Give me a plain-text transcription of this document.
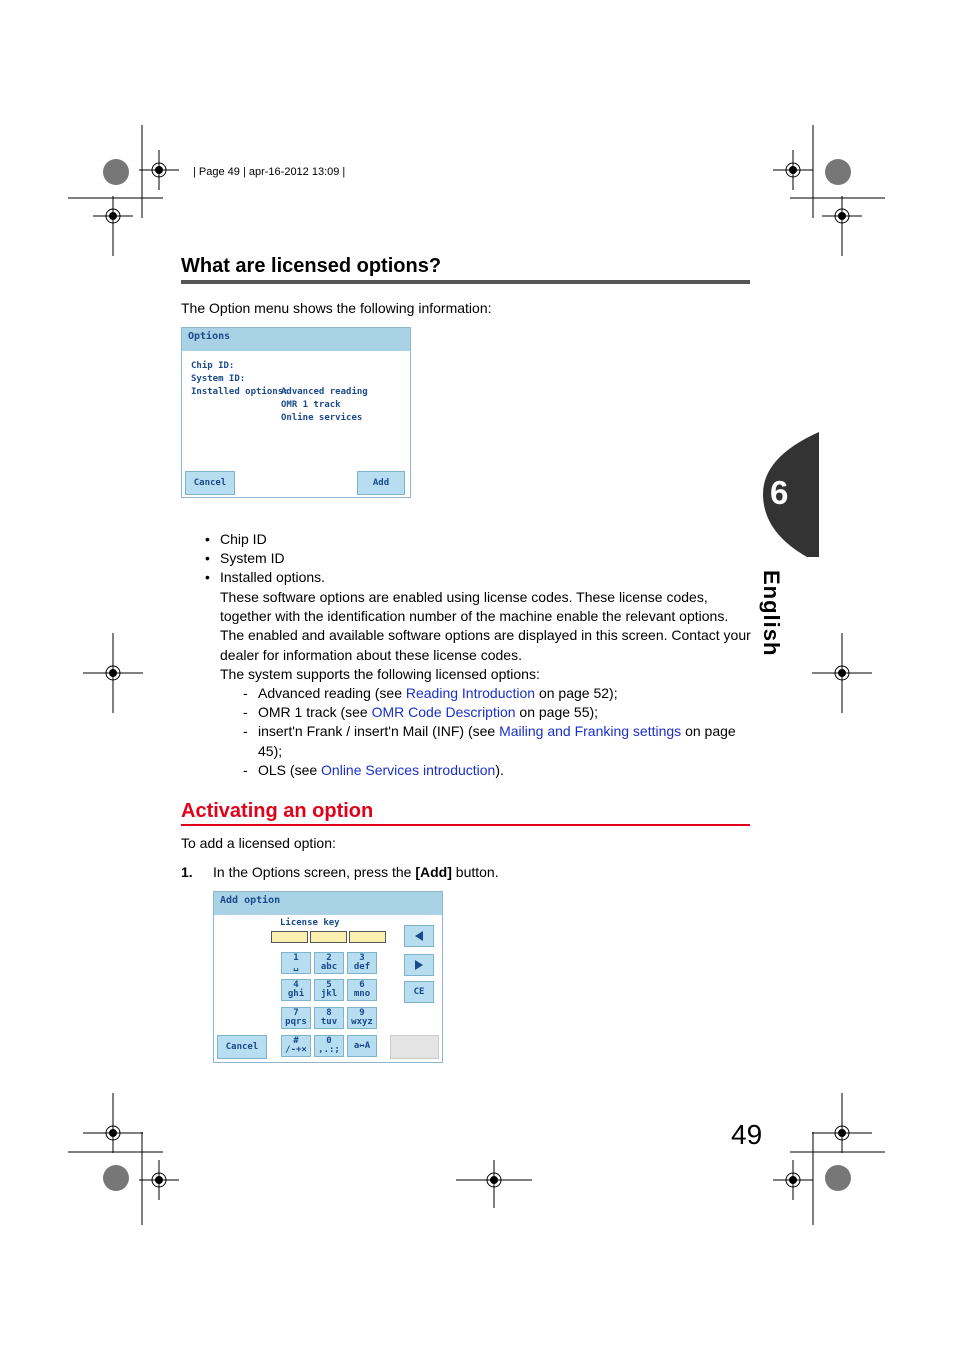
| Page 49 | apr-16-2012 13:09 |
What are licensed options?
The Option menu shows the following information:
Options
Chip ID:
System ID:
Installed options:
Advanced reading
OMR 1 track
Online services
Cancel	Add
• Chip ID
• System ID
• Installed options.
These software options are enabled using license codes. These license codes, together with the identification number of the machine enable the relevant options. The enabled and available software options are displayed in this screen. Contact your dealer for information about these license codes.
The system supports the following licensed options:
- Advanced reading (see Reading Introduction on page 52);
- OMR 1 track (see OMR Code Description on page 55);
- insert'n Frank / insert'n Mail (INF) (see Mailing and Franking settings on page 45);
- OLS (see Online Services introduction).
Activating an option
To add a licensed option:
1. In the Options screen, press the [Add] button.
Add option
License key
1
␣
2
abc
3
def
4
ghi
5
jkl
6
mno
7
pqrs
8
tuv
9
wxyz
#
/-+×
0
,.:;	a↔A
CE
Cancel
6
English
49
